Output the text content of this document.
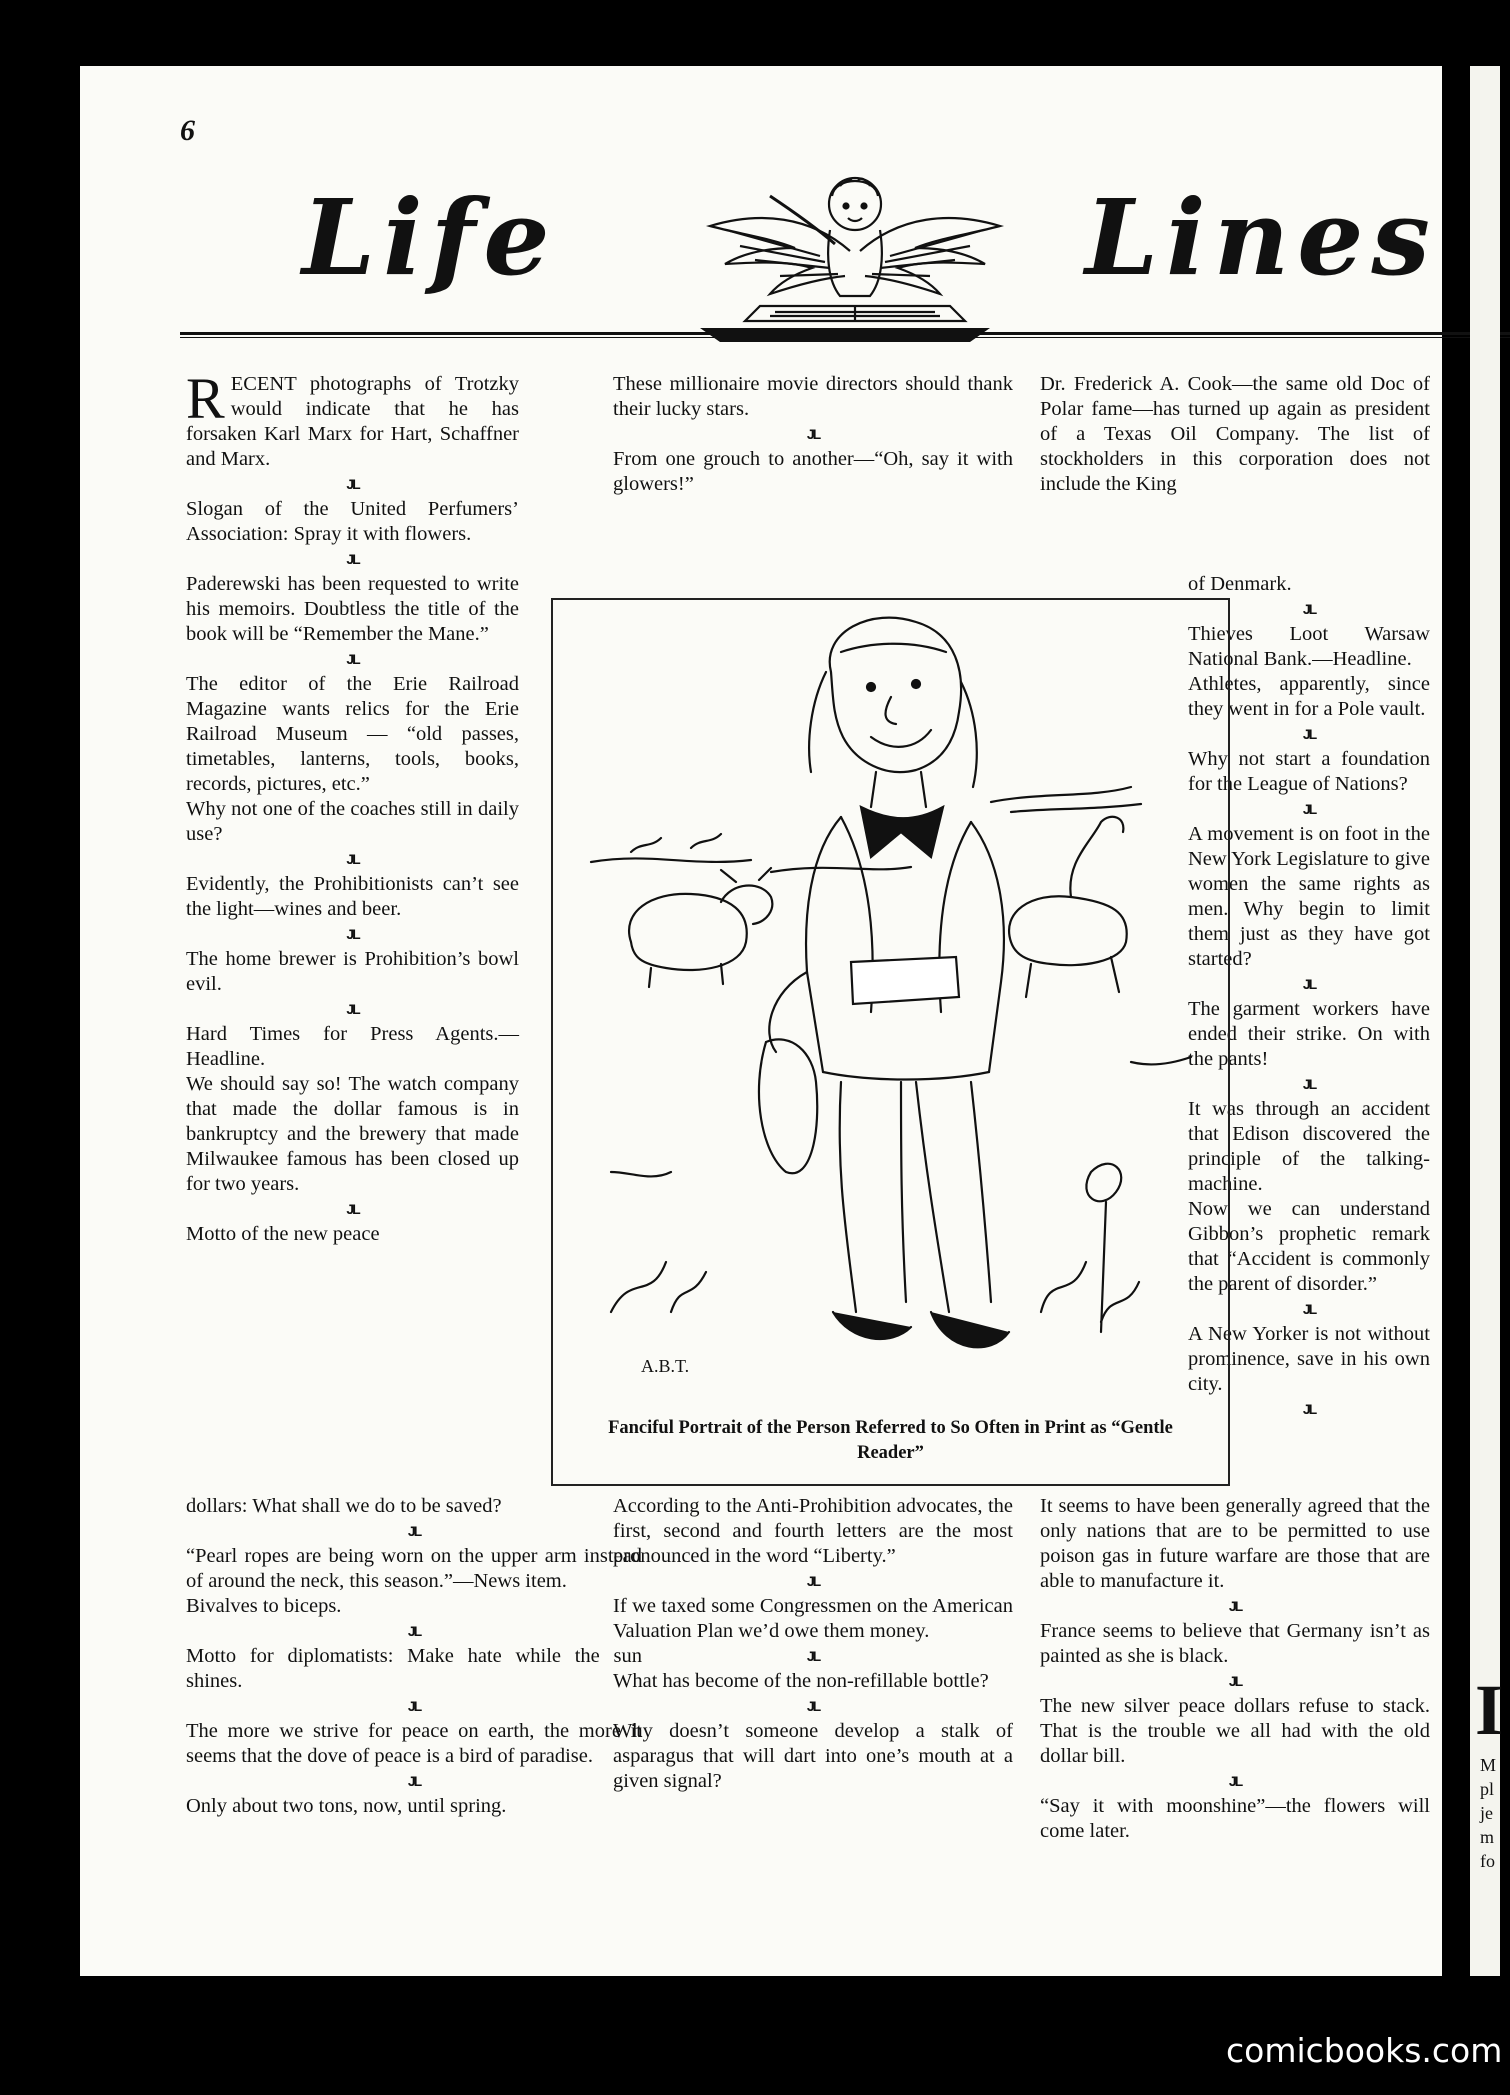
6
Life	Lines

RECENT photographs of Trotzky would indicate that he has forsaken Karl Marx for Hart, Schaffner and Marx.

JL

Slogan of the United Perfumers’ Association: Spray it with flowers.

JL

Paderewski has been requested to write his memoirs. Doubtless the title of the book will be “Remember the Mane.”

JL

The editor of the Erie Railroad Magazine wants relics for the Erie Railroad Museum — “old passes, timetables, lanterns, tools, books, records, pictures, etc.”

Why not one of the coaches still in daily use?

JL

Evidently, the Prohibitionists can’t see the light—wines and beer.

JL

The home brewer is Prohibition’s bowl evil.

JL

Hard Times for Press Agents.—Headline.

We should say so! The watch company that made the dollar famous is in bankruptcy and the brewery that made Milwaukee famous has been closed up for two years.

JL

Motto of the new peace

dollars: What shall we do to be saved?

JL

“Pearl ropes are being worn on the upper arm instead of around the neck, this season.”—News item.

Bivalves to biceps.

JL

Motto for diplomatists: Make hate while the sun shines.

JL

The more we strive for peace on earth, the more it seems that the dove of peace is a bird of paradise.

JL

Only about two tons, now, until spring.

These millionaire movie directors should thank their lucky stars.

JL

From one grouch to another—“Oh, say it with glowers!”

According to the Anti-Prohibition advocates, the first, second and fourth letters are the most pronounced in the word “Liberty.”

JL

If we taxed some Congressmen on the American Valuation Plan we’d owe them money.

JL

What has become of the non-refillable bottle?

JL

Why doesn’t someone develop a stalk of asparagus that will dart into one’s mouth at a given signal?

Dr. Frederick A. Cook—the same old Doc of Polar fame—has turned up again as president of a Texas Oil Company. The list of stockholders in this corporation does not include the King

of Denmark.

JL

Thieves Loot Warsaw National Bank.—Headline.

Athletes, apparently, since they went in for a Pole vault.

JL

Why not start a foundation for the League of Nations?

JL

A movement is on foot in the New York Legislature to give women the same rights as men. Why begin to limit them just as they have got started?

JL

The garment workers have ended their strike. On with the pants!

JL

It was through an accident that Edison discovered the principle of the talking-machine.

Now we can understand Gibbon’s prophetic remark that “Accident is commonly the parent of disorder.”

JL

A New Yorker is not without prominence, save in his own city.

JL

It seems to have been generally agreed that the only nations that are to be permitted to use poison gas in future warfare are those that are able to manufacture it.

JL

France seems to believe that Germany isn’t as painted as she is black.

JL

The new silver peace dollars refuse to stack. That is the trouble we all had with the old dollar bill.

JL

“Say it with moonshine”—the flowers will come later.

A.B.T.
Fanciful Portrait of the Person Referred to So Often in Print as “Gentle Reader”
I
M
pl
je
m
fo
comicbooks.com
